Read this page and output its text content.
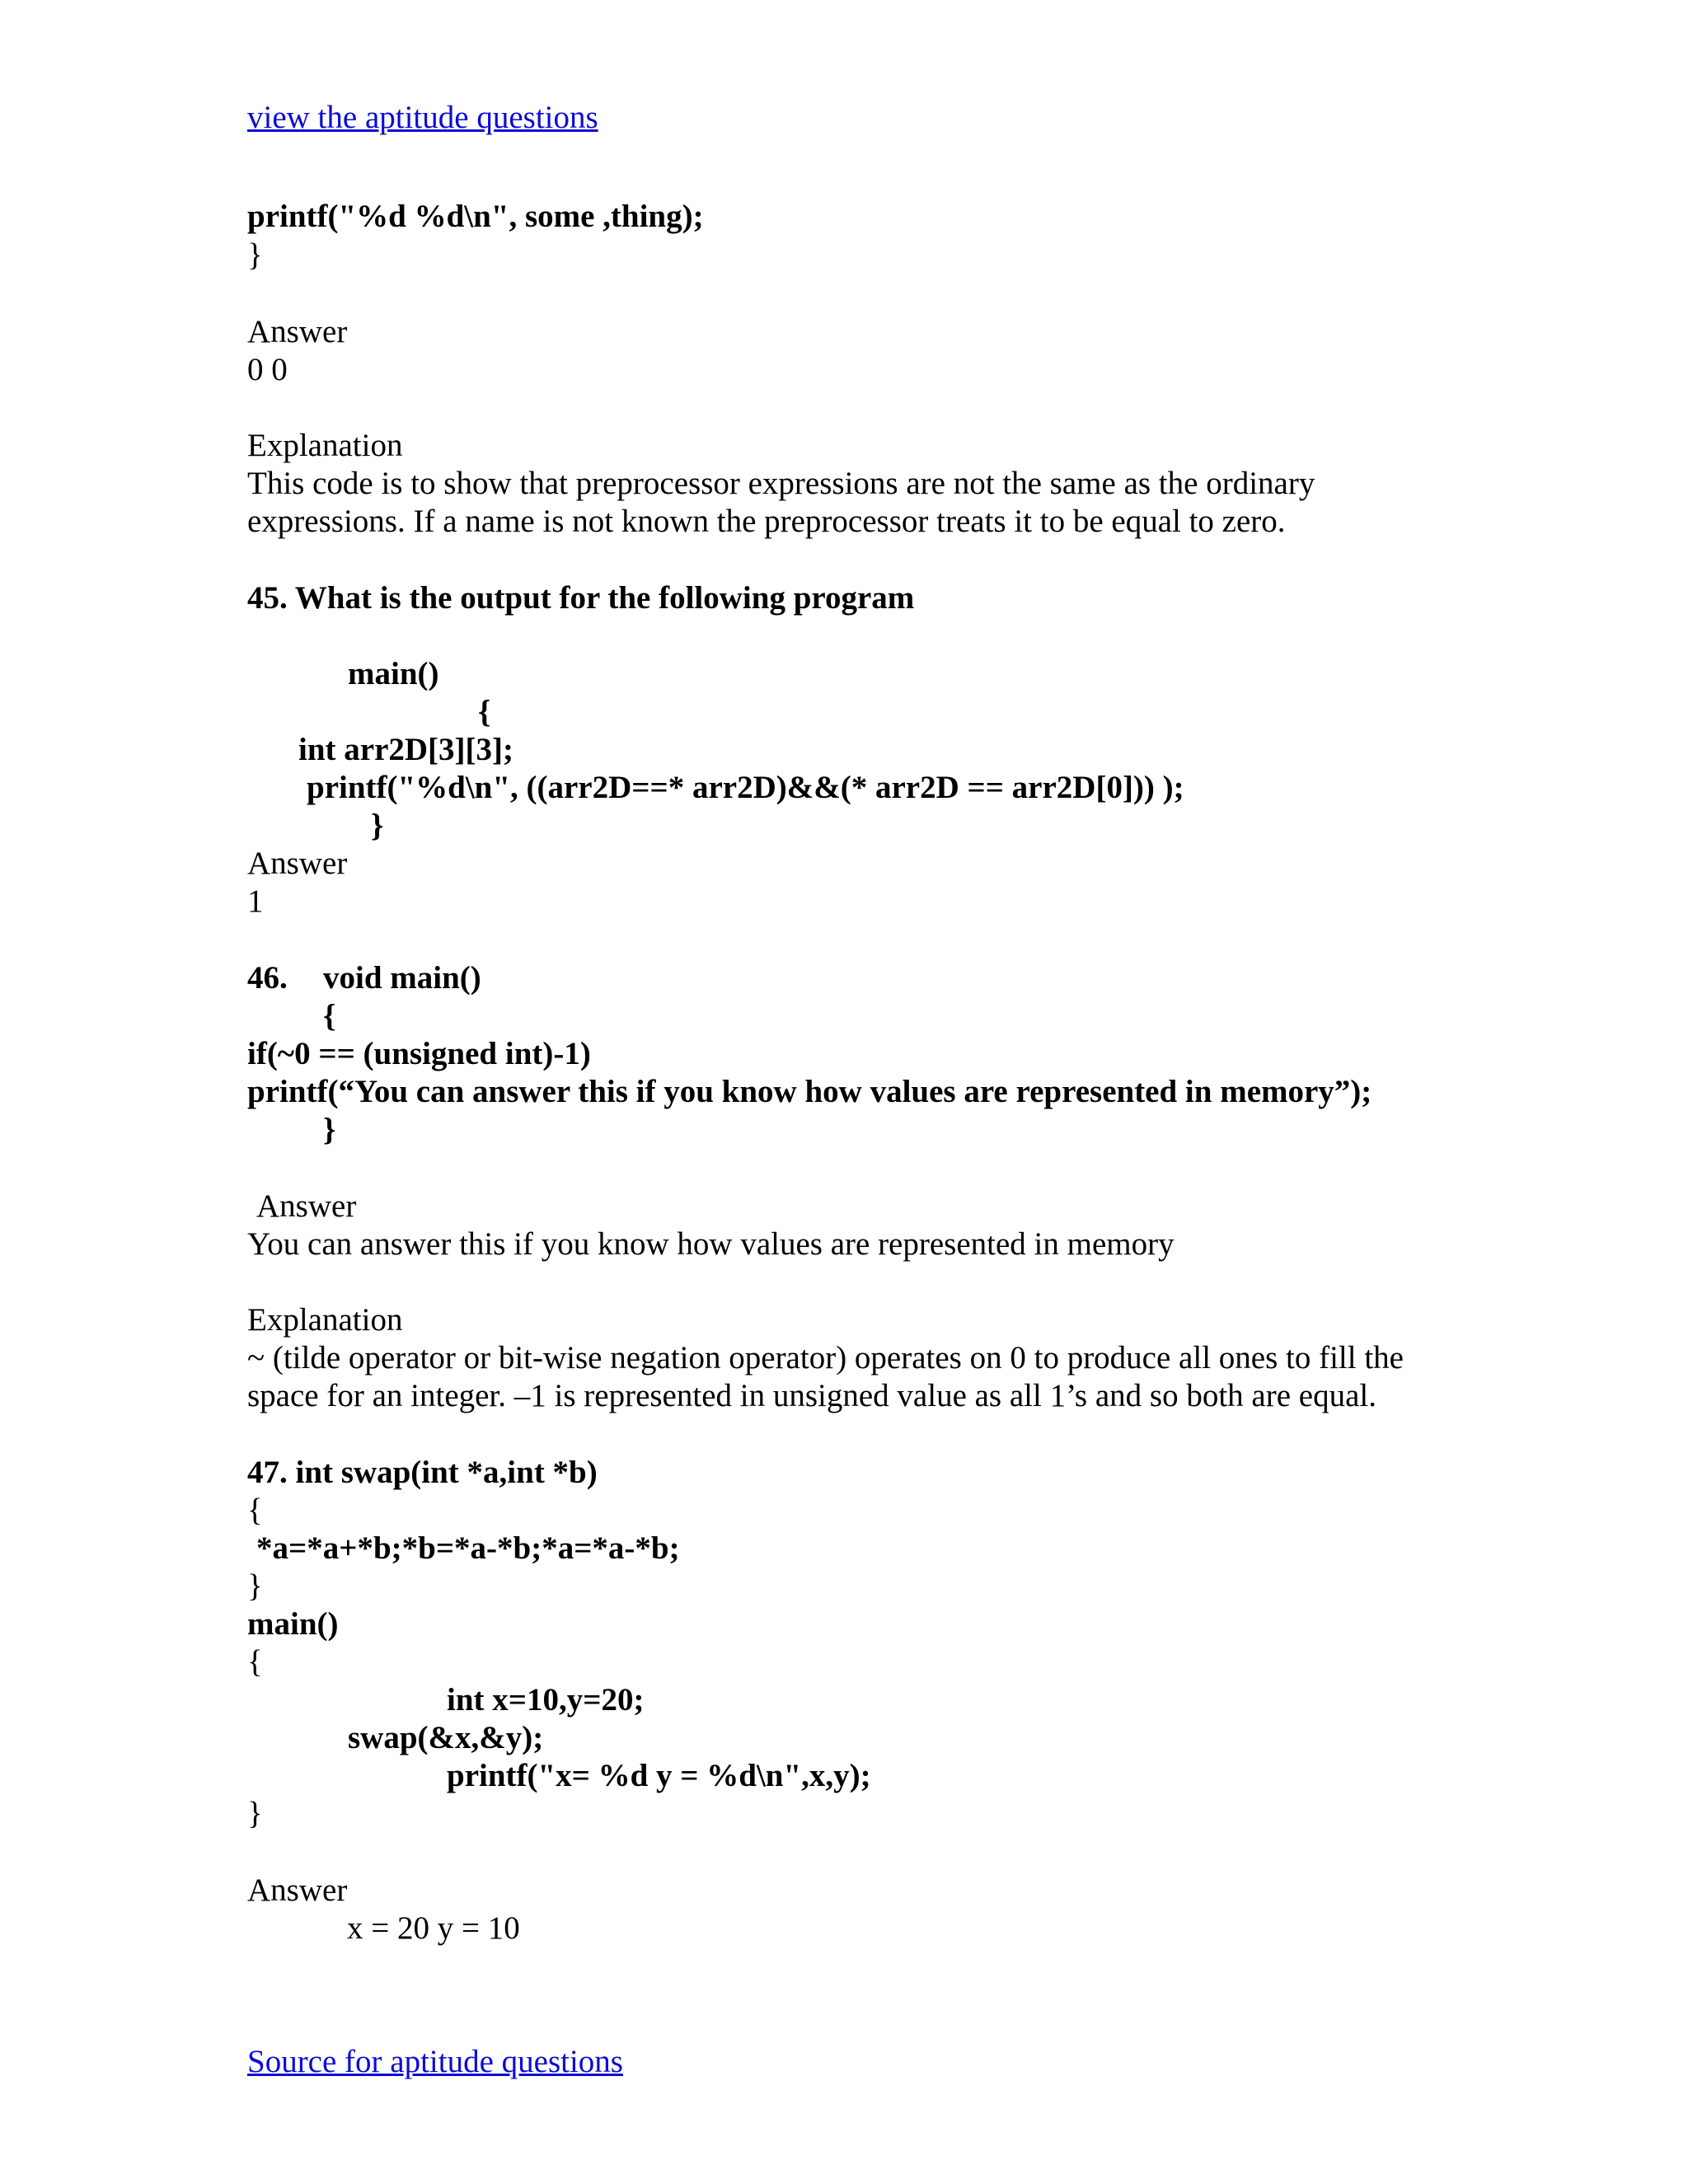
view the aptitude questions
printf("%d %d\n", some ,thing);
}
Answer
0 0
Explanation
This code is to show that preprocessor expressions are not the same as the ordinary
expressions. If a name is not known the preprocessor treats it to be equal to zero.
45. What is the output for the following program
main()
{
int arr2D[3][3];
printf("%d\n", ((arr2D==* arr2D)&&(* arr2D == arr2D[0])) );
}
Answer
1
46. void main()
{
if(~0 == (unsigned int)-1)
printf(“You can answer this if you know how values are represented in memory”);
}
Answer
You can answer this if you know how values are represented in memory
Explanation
~ (tilde operator or bit-wise negation operator) operates on 0 to produce all ones to fill the
space for an integer. –1 is represented in unsigned value as all 1’s and so both are equal.
47. int swap(int *a,int *b)
{
*a=*a+*b;*b=*a-*b;*a=*a-*b;
}
main()
{
int x=10,y=20;
swap(&x,&y);
printf("x= %d y = %d\n",x,y);
}
Answer
x = 20 y = 10
Source for aptitude questions
